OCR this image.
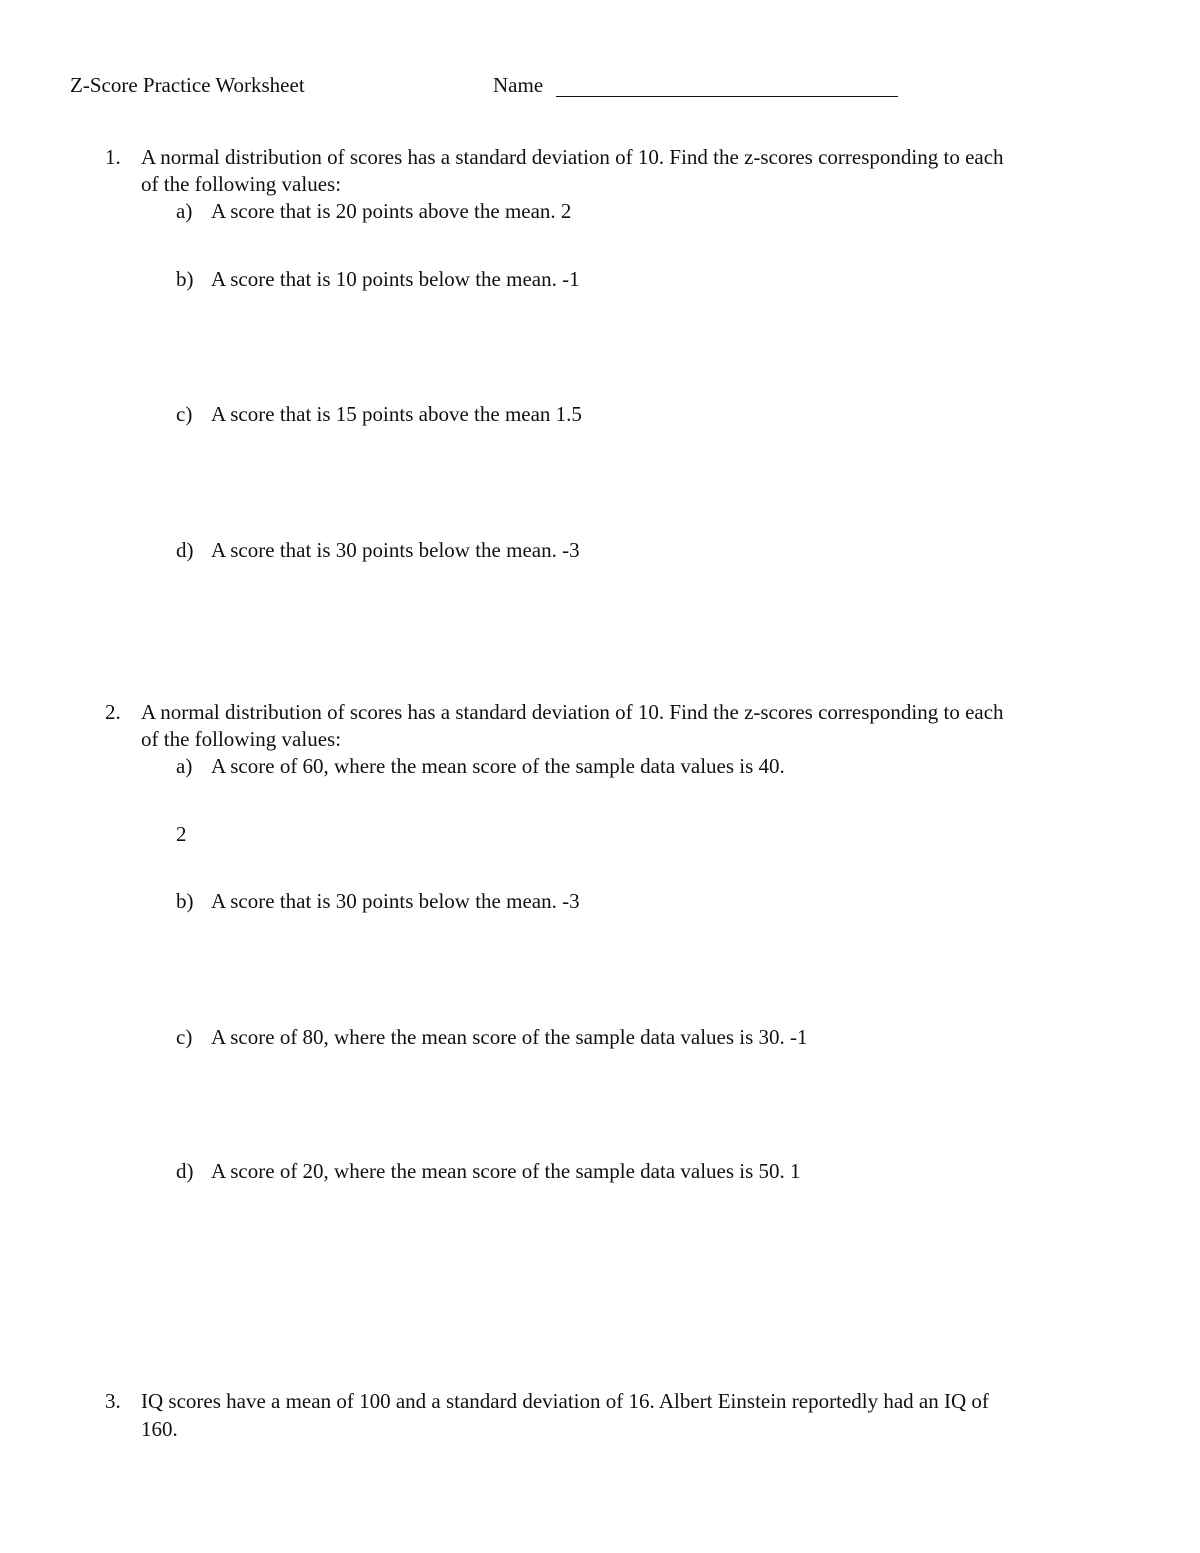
Z-Score Practice Worksheet	Name
1. A normal distribution of scores has a standard deviation of 10. Find the z-scores corresponding to each
of the following values:
a) A score that is 20 points above the mean. 2
b) A score that is 10 points below the mean. -1
c) A score that is 15 points above the mean 1.5
d) A score that is 30 points below the mean. -3
2. A normal distribution of scores has a standard deviation of 10. Find the z-scores corresponding to each
of the following values:
a) A score of 60, where the mean score of the sample data values is 40.
2
b) A score that is 30 points below the mean. -3
c) A score of 80, where the mean score of the sample data values is 30. -1
d) A score of 20, where the mean score of the sample data values is 50. 1
3. IQ scores have a mean of 100 and a standard deviation of 16. Albert Einstein reportedly had an IQ of
160.
